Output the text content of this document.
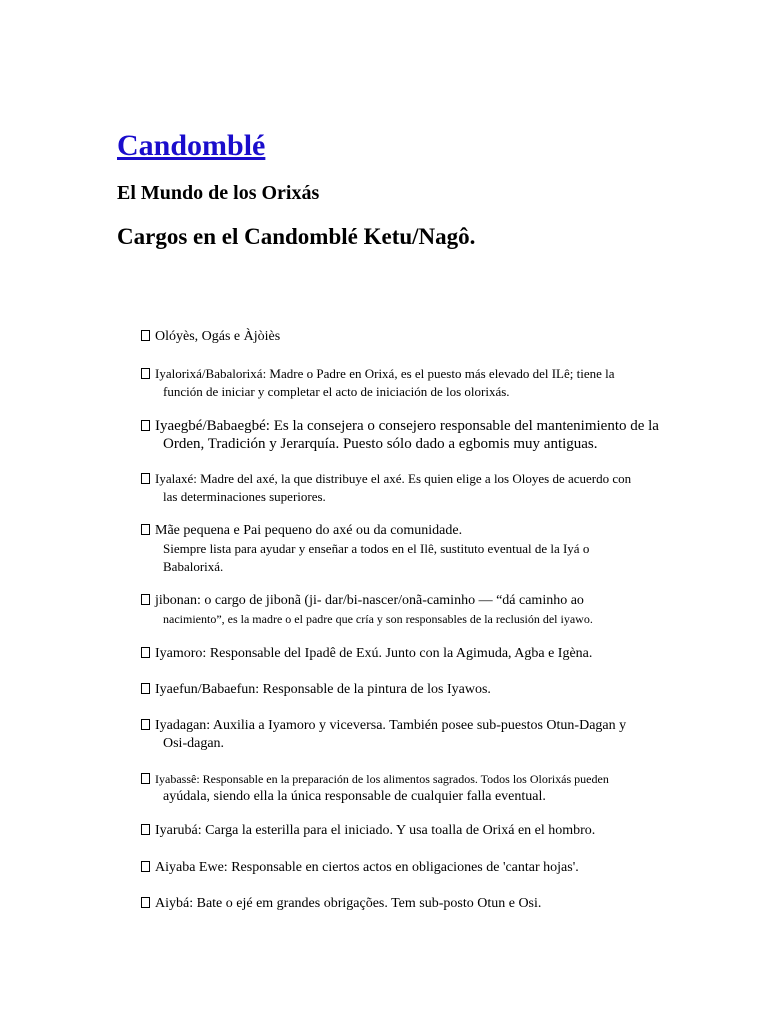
Candomblé
El Mundo de los Orixás
Cargos en el Candomblé Ketu/Nagô.
Olóyès, Ogás e Àjòiès
Iyalorixá/Babalorixá: Madre o Padre en Orixá, es el puesto más elevado del ILê; tiene la
función de iniciar y completar el acto de iniciación de los olorixás.
Iyaegbé/Babaegbé: Es la consejera o consejero responsable del mantenimiento de la
Orden, Tradición y Jerarquía. Puesto sólo dado a egbomis muy antiguas.
Iyalaxé: Madre del axé, la que distribuye el axé. Es quien elige a los Oloyes de acuerdo con
las determinaciones superiores.
Mãe pequena e Pai pequeno do axé ou da comunidade.
Siempre lista para ayudar y enseñar a todos en el Ilê, sustituto eventual de la Iyá o
Babalorixá.
jibonan: o cargo de jibonã (ji- dar/bi-nascer/onã-caminho — “dá caminho ao
nacimiento”, es la madre o el padre que cría y son responsables de la reclusión del iyawo.
Iyamoro: Responsable del Ipadê de Exú. Junto con la Agimuda, Agba e Igèna.
Iyaefun/Babaefun: Responsable de la pintura de los Iyawos.
Iyadagan: Auxilia a Iyamoro y viceversa. También posee sub-puestos Otun-Dagan y
Osi-dagan.
Iyabassê: Responsable en la preparación de los alimentos sagrados. Todos los Olorixás pueden
ayúdala, siendo ella la única responsable de cualquier falla eventual.
Iyarubá: Carga la esterilla para el iniciado. Y usa toalla de Orixá en el hombro.
Aiyaba Ewe: Responsable en ciertos actos en obligaciones de 'cantar hojas'.
Aiybá: Bate o ejé em grandes obrigações. Tem sub-posto Otun e Osi.
